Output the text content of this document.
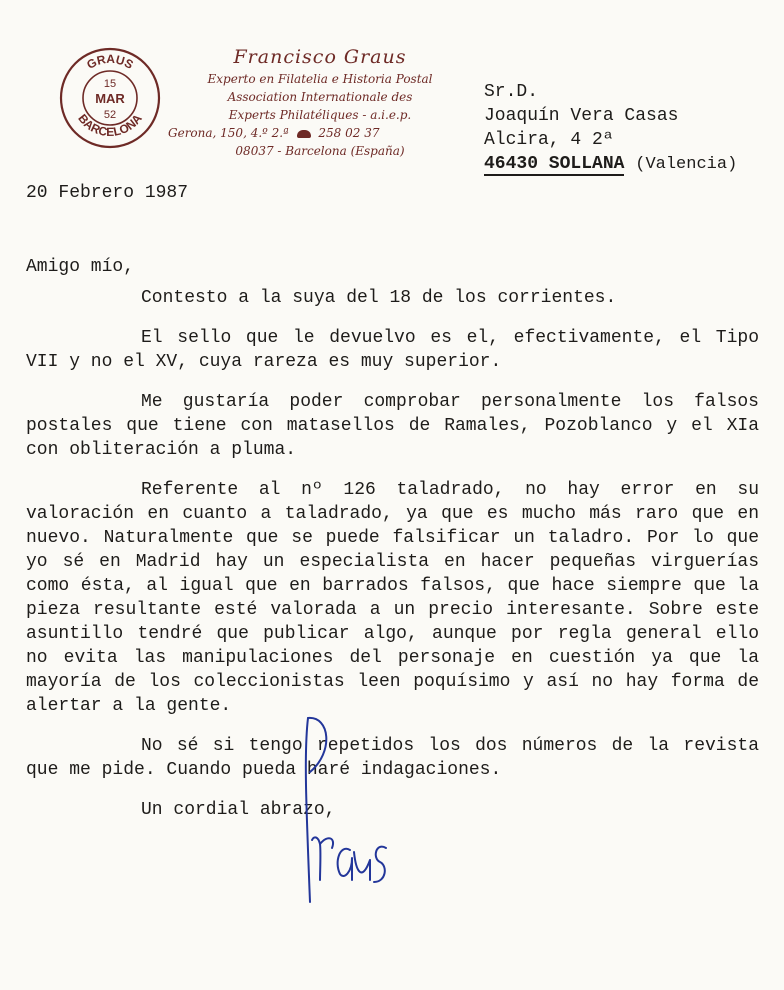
GRAUS
BARCELONA
15
MAR
52
Francisco Graus
Experto en Filatelia e Historia Postal
Association Internationale des
Experts Philatéliques - a.i.e.p.
Gerona, 150, 4.º 2.ª 258 02 37
08037 - Barcelona (España)
Sr.D.
Joaquín Vera Casas
Alcira, 4 2ª
46430 SOLLANA (Valencia)
20 Febrero 1987

Amigo mío,

Contesto a la suya del 18 de los corrientes.

El sello que le devuelvo es el, efectivamente, el Tipo VII y no el XV, cuya rareza es muy superior.

Me gustaría poder comprobar personalmente los falsos postales que tiene con matasellos de Ramales, Pozoblanco y el XIa con obliteración a pluma.

Referente al nº 126 taladrado, no hay error en su valoración en cuanto a taladrado, ya que es mucho más raro que en nuevo. Naturalmente que se puede falsificar un taladro. Por lo que yo sé en Madrid hay un especialista en hacer pequeñas virguerías como ésta, al igual que en barrados falsos, que hace siempre que la pieza resultante esté valorada a un precio interesante. Sobre este asuntillo tendré que publicar algo, aunque por regla general ello no evita las manipulaciones del personaje en cuestión ya que la mayoría de los coleccionistas leen poquísimo y así no hay forma de alertar a la gente.

No sé si tengo repetidos los dos números de la revista que me pide. Cuando pueda haré indagaciones.

Un cordial abrazo,
